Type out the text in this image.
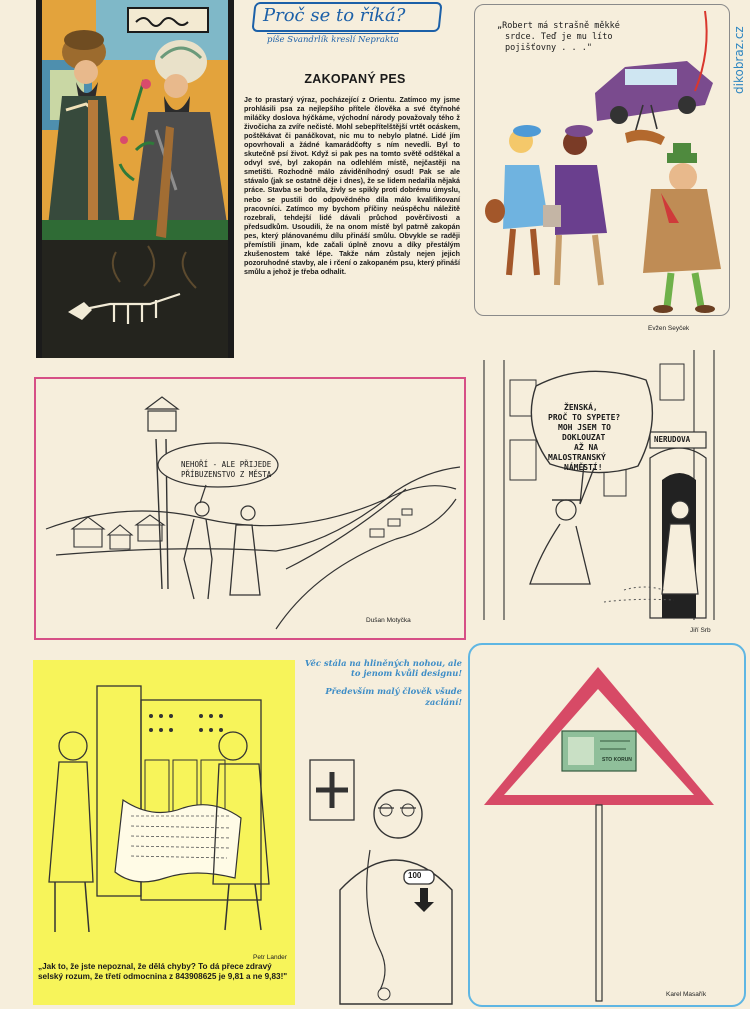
dikobraz.cz
Proč se to říká?
píše Svandrlík kreslí Neprakta
ZAKOPANÝ PES
Je to prastarý výraz, pocházející z Orientu. Zatímco my jsme prohlásili psa za nejlepšího přítele člověka a své čtyřnohé miláčky doslova hýčkáme, východní národy považovaly tého ž živočicha za zvíře nečisté. Mohl sebepřítelštější vrtět ocáskem, poštěkávat či panáčkovat, nic mu to nebylo platné. Lidé jím opovrhovali a žádné kamarádčofty s ním nevedli. Byl to skutečně psí život. Když si pak pes na tomto světě odštěkal a odvyl své, byl zakopán na odlehlém místě, nejčastěji na smetišti. Rozhodně málo záviděníhodný osud! Pak se ale stávalo (jak se ostatně děje i dnes), že se lidem nedařila nějaká práce. Stavba se bortila, živly se spikly proti dobrému úmyslu, nebo se pustili do odpovědného díla málo kvalifikovaní pracovníci. Zatímco my bychom příčiny neúspěchu náležitě rozebrali, tehdejší lidé dávali průchod pověrčivosti a předsudkům. Usoudili, že na onom místě byl patrně zakopán pes, který plánovanému dílu přináší smůlu. Obvykle se raději přemístili jinam, kde začali úplně znovu a díky přestálým zkušenostem také lépe. Takže nám zůstaly nejen jejich pozoruhodné stavby, ale i rčení o zakopaném psu, který přináší smůlu a jehož je třeba odhalit.
„Robert má strašně měkké
srdce. Teď je mu líto
pojišťovny . . ."
Evžen Seyček
NEHOŘÍ - ALE PŘIJEDE
PŘÍBUZENSTVO Z MĚSTA
Dušan Motyčka
ŽENSKÁ,
PROČ TO SYPETE?
MOH JSEM TO
DOKLOUZAT
AŽ NA
MALOSTRANSKÝ
NÁMĚSTÍ!
NERUDOVA
Jiří Srb
Petr Lander
„Jak to, že jste nepoznal, že dělá chyby? To dá přece zdravý selský rozum, že třetí odmocnina z 843908625 je 9,81 a ne 9,83!"

Věc stála na hliněných nohou, ale to jenom kvůli designu!

Především malý člověk všude zaclání!

100
STO KORUN
Karel Masařík
